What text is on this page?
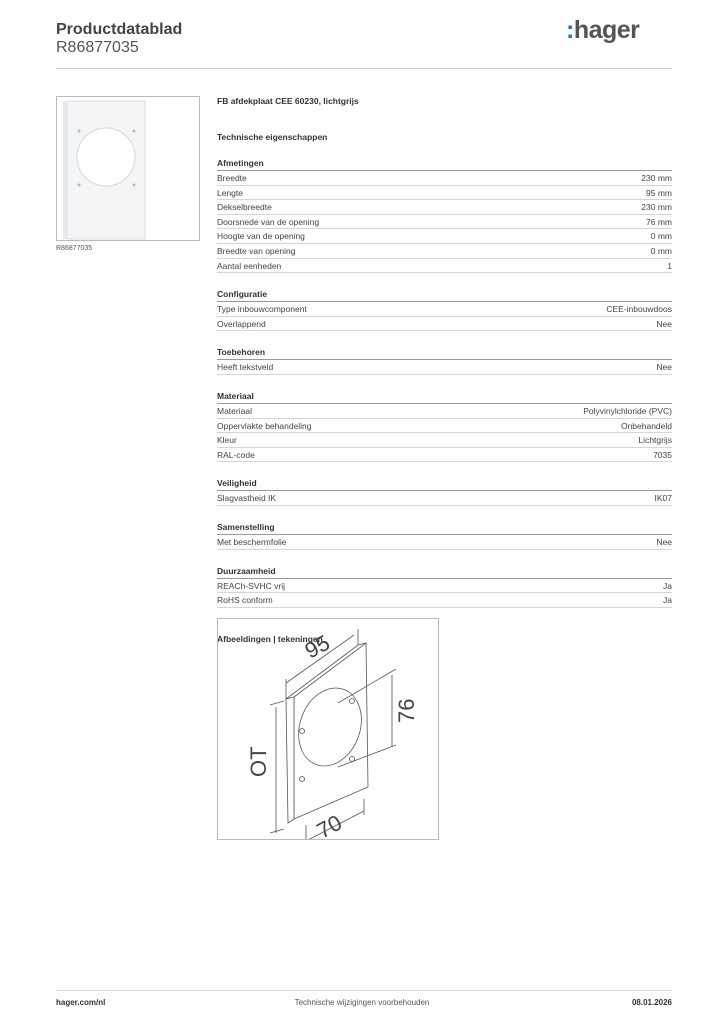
Productdatablad
R86877035
:hager
R86877035
FB afdekplaat CEE 60230, lichtgrijs
Technische eigenschappen
Afmetingen
Breedte	230 mm
Lengte	95 mm
Dekselbreedte	230 mm
Doorsnede van de opening	76 mm
Hoogte van de opening	0 mm
Breedte van opening	0 mm
Aantal eenheden	1
Configuratie
Type inbouwcomponent	CEE-inbouwdoos
Overlappend	Nee
Toebehoren
Heeft tekstveld	Nee
Materiaal
Materiaal	Polyvinylchloride (PVC)
Oppervlakte behandeling	Onbehandeld
Kleur	Lichtgrijs
RAL-code	7035
Veiligheid
Slagvastheid IK	IK07
Samenstelling
Met beschermfolie	Nee
Duurzaamheid
REACh-SVHC vrij	Ja
RoHS conform	Ja
Afbeeldingen | tekeningen
95
OT
76
70
hager.com/nl	Technische wijzigingen voorbehouden	08.01.2026
